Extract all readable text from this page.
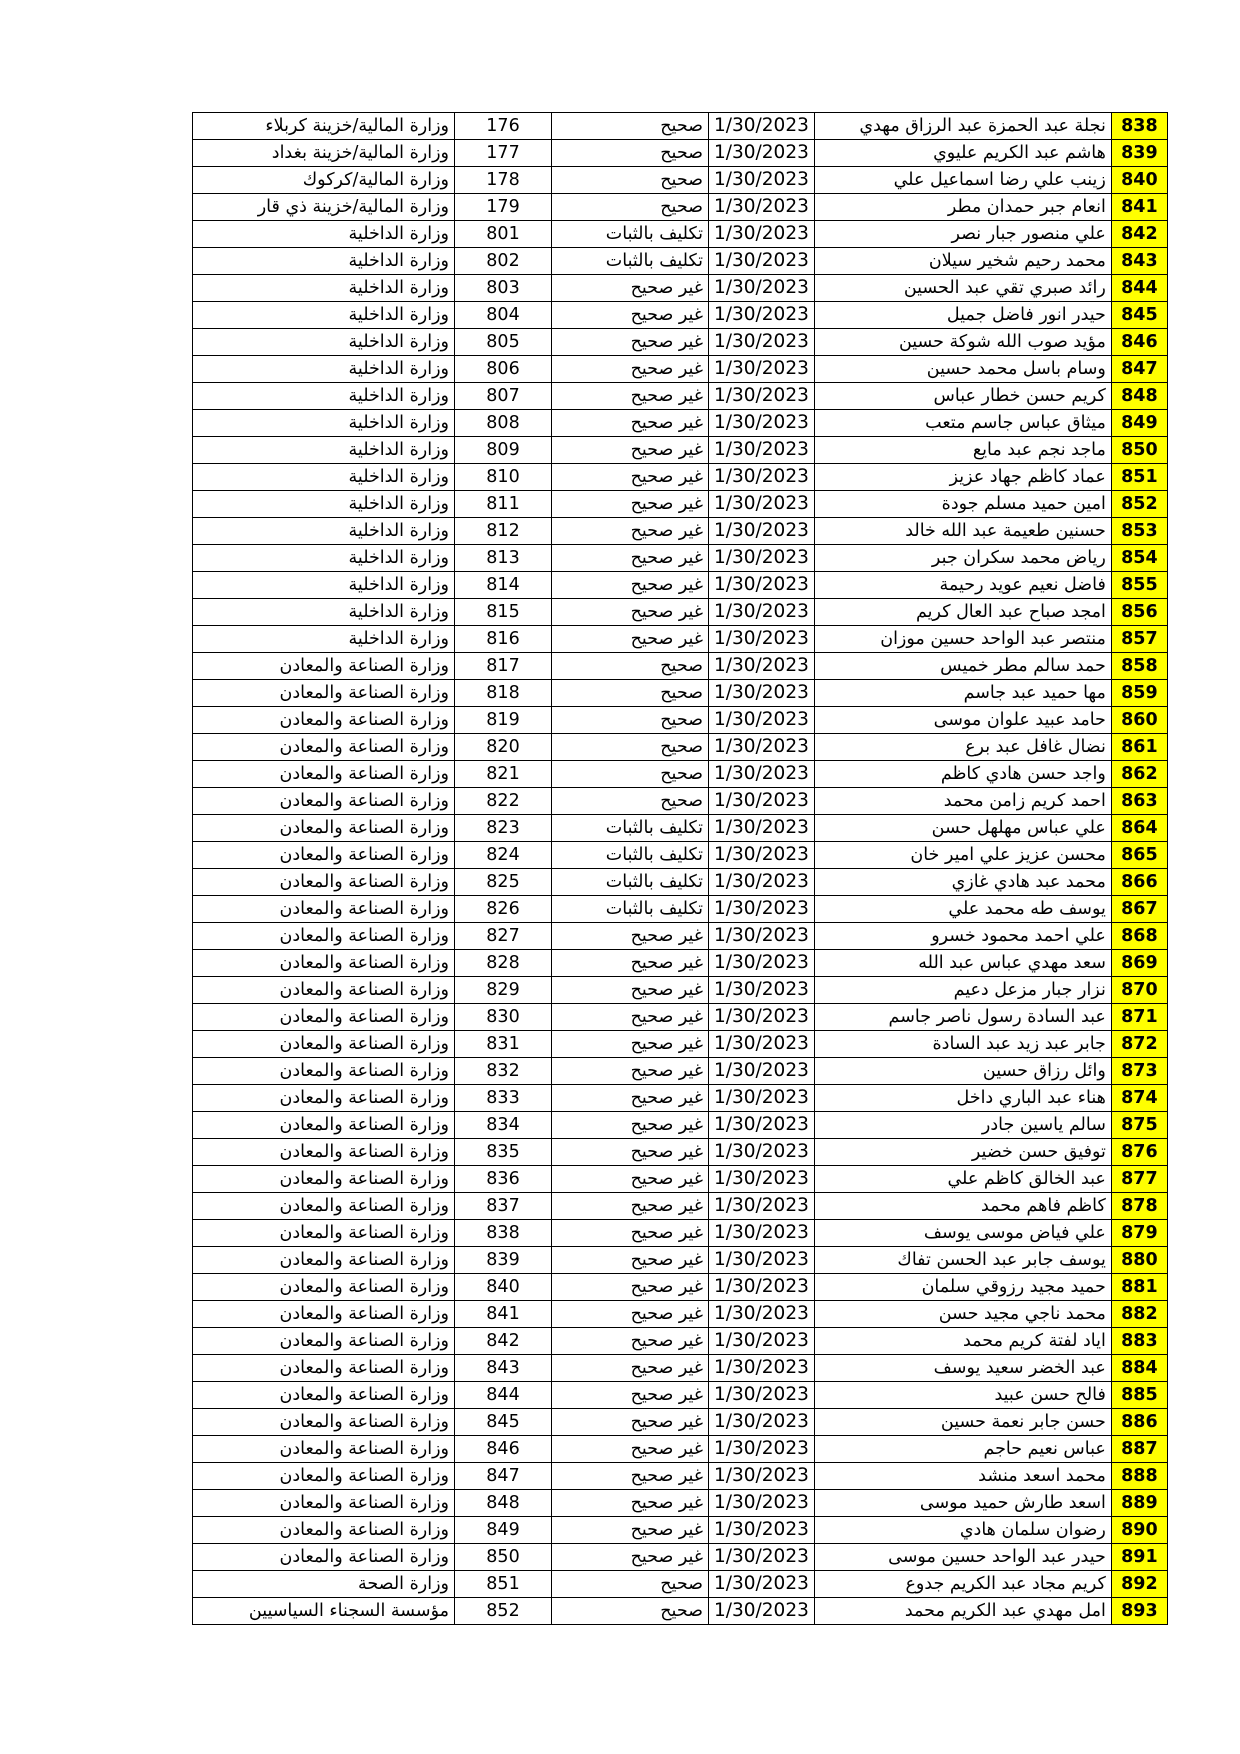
وزارة المالية/خزينة كربلاء	176	صحيح	1/30/2023	نجلة عبد الحمزة عبد الرزاق مهدي	838
وزارة المالية/خزينة بغداد	177	صحيح	1/30/2023	هاشم عبد الكريم عليوي	839
وزارة المالية/كركوك	178	صحيح	1/30/2023	زينب علي رضا اسماعيل علي	840
وزارة المالية/خزينة ذي قار	179	صحيح	1/30/2023	انعام جبر حمدان مطر	841
وزارة الداخلية	801	تكليف بالثبات	1/30/2023	علي منصور جبار نصر	842
وزارة الداخلية	802	تكليف بالثبات	1/30/2023	محمد رحيم شخير سيلان	843
وزارة الداخلية	803	غير صحيح	1/30/2023	رائد صبري تقي عبد الحسين	844
وزارة الداخلية	804	غير صحيح	1/30/2023	حيدر انور فاضل جميل	845
وزارة الداخلية	805	غير صحيح	1/30/2023	مؤيد صوب الله شوكة حسين	846
وزارة الداخلية	806	غير صحيح	1/30/2023	وسام باسل محمد حسين	847
وزارة الداخلية	807	غير صحيح	1/30/2023	كريم حسن خطار عباس	848
وزارة الداخلية	808	غير صحيح	1/30/2023	ميثاق عباس جاسم متعب	849
وزارة الداخلية	809	غير صحيح	1/30/2023	ماجد نجم عبد مايع	850
وزارة الداخلية	810	غير صحيح	1/30/2023	عماد كاظم جهاد عزيز	851
وزارة الداخلية	811	غير صحيح	1/30/2023	امين حميد مسلم جودة	852
وزارة الداخلية	812	غير صحيح	1/30/2023	حسنين طعيمة عبد الله خالد	853
وزارة الداخلية	813	غير صحيح	1/30/2023	رياض محمد سكران جبر	854
وزارة الداخلية	814	غير صحيح	1/30/2023	فاضل نعيم عويد رحيمة	855
وزارة الداخلية	815	غير صحيح	1/30/2023	امجد صباح عبد العال كريم	856
وزارة الداخلية	816	غير صحيح	1/30/2023	منتصر عبد الواحد حسين موزان	857
وزارة الصناعة والمعادن	817	صحيح	1/30/2023	حمد سالم مطر خميس	858
وزارة الصناعة والمعادن	818	صحيح	1/30/2023	مها حميد عبد جاسم	859
وزارة الصناعة والمعادن	819	صحيح	1/30/2023	حامد عبيد علوان موسى	860
وزارة الصناعة والمعادن	820	صحيح	1/30/2023	نضال غافل عبد برع	861
وزارة الصناعة والمعادن	821	صحيح	1/30/2023	واجد حسن هادي كاظم	862
وزارة الصناعة والمعادن	822	صحيح	1/30/2023	احمد كريم زامن محمد	863
وزارة الصناعة والمعادن	823	تكليف بالثبات	1/30/2023	علي عباس مهلهل حسن	864
وزارة الصناعة والمعادن	824	تكليف بالثبات	1/30/2023	محسن عزيز علي امير خان	865
وزارة الصناعة والمعادن	825	تكليف بالثبات	1/30/2023	محمد عبد هادي غازي	866
وزارة الصناعة والمعادن	826	تكليف بالثبات	1/30/2023	يوسف طه محمد علي	867
وزارة الصناعة والمعادن	827	غير صحيح	1/30/2023	علي احمد محمود خسرو	868
وزارة الصناعة والمعادن	828	غير صحيح	1/30/2023	سعد مهدي عباس عبد الله	869
وزارة الصناعة والمعادن	829	غير صحيح	1/30/2023	نزار جبار مزعل دعيم	870
وزارة الصناعة والمعادن	830	غير صحيح	1/30/2023	عبد السادة رسول ناصر جاسم	871
وزارة الصناعة والمعادن	831	غير صحيح	1/30/2023	جابر عبد زيد عبد السادة	872
وزارة الصناعة والمعادن	832	غير صحيح	1/30/2023	وائل رزاق حسين	873
وزارة الصناعة والمعادن	833	غير صحيح	1/30/2023	هناء عبد الباري داخل	874
وزارة الصناعة والمعادن	834	غير صحيح	1/30/2023	سالم ياسين جادر	875
وزارة الصناعة والمعادن	835	غير صحيح	1/30/2023	توفيق حسن خضير	876
وزارة الصناعة والمعادن	836	غير صحيح	1/30/2023	عبد الخالق كاظم علي	877
وزارة الصناعة والمعادن	837	غير صحيح	1/30/2023	كاظم فاهم محمد	878
وزارة الصناعة والمعادن	838	غير صحيح	1/30/2023	علي فياض موسى يوسف	879
وزارة الصناعة والمعادن	839	غير صحيح	1/30/2023	يوسف جابر عبد الحسن تفاك	880
وزارة الصناعة والمعادن	840	غير صحيح	1/30/2023	حميد مجيد رزوقي سلمان	881
وزارة الصناعة والمعادن	841	غير صحيح	1/30/2023	محمد ناجي مجيد حسن	882
وزارة الصناعة والمعادن	842	غير صحيح	1/30/2023	اياد لفتة كريم محمد	883
وزارة الصناعة والمعادن	843	غير صحيح	1/30/2023	عبد الخضر سعيد يوسف	884
وزارة الصناعة والمعادن	844	غير صحيح	1/30/2023	فالح حسن عبيد	885
وزارة الصناعة والمعادن	845	غير صحيح	1/30/2023	حسن جابر نعمة حسين	886
وزارة الصناعة والمعادن	846	غير صحيح	1/30/2023	عباس نعيم حاجم	887
وزارة الصناعة والمعادن	847	غير صحيح	1/30/2023	محمد اسعد منشد	888
وزارة الصناعة والمعادن	848	غير صحيح	1/30/2023	اسعد طارش حميد موسى	889
وزارة الصناعة والمعادن	849	غير صحيح	1/30/2023	رضوان سلمان هادي	890
وزارة الصناعة والمعادن	850	غير صحيح	1/30/2023	حيدر عبد الواحد حسين موسى	891
وزارة الصحة	851	صحيح	1/30/2023	كريم مجاد عبد الكريم جدوع	892
مؤسسة السجناء السياسيين	852	صحيح	1/30/2023	امل مهدي عبد الكريم محمد	893
